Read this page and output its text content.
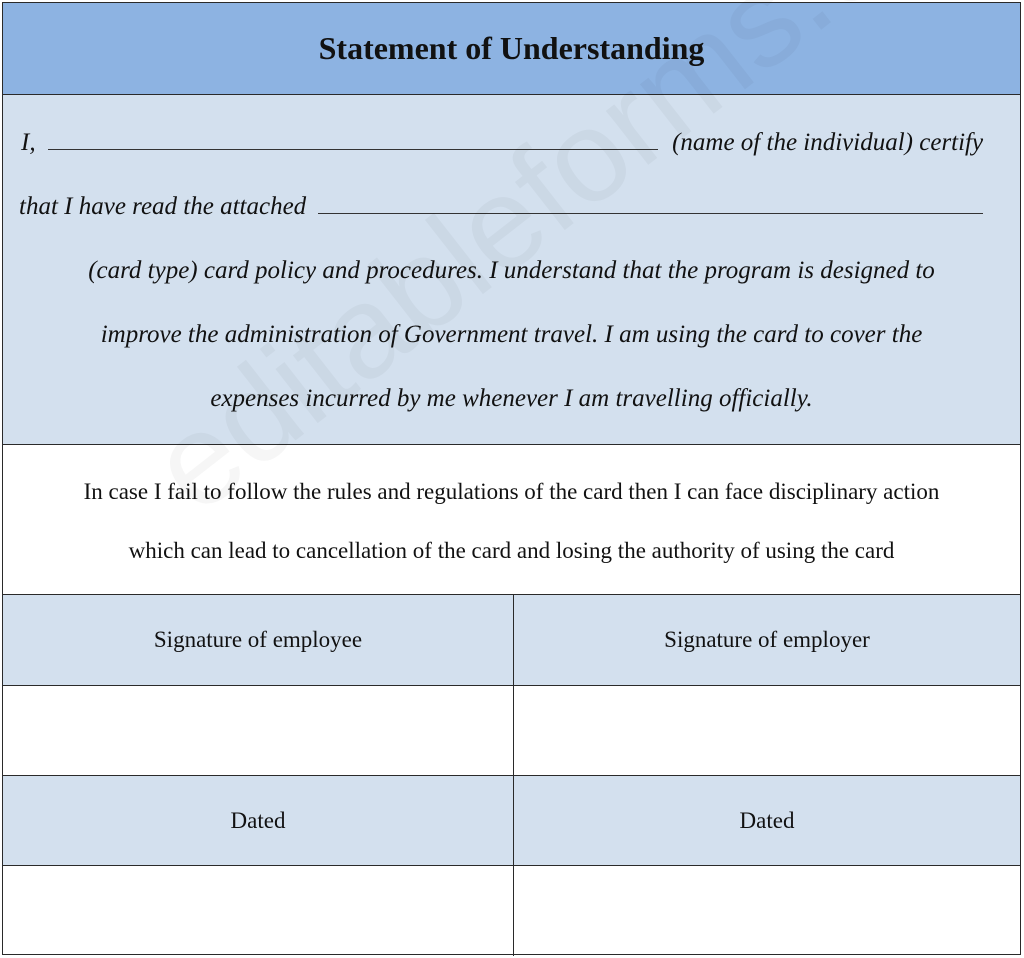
Statement of Understanding
I,	(name of the individual) certify
that I have read the attached
(card type) card policy and procedures. I understand that the program is designed to
improve the administration of Government travel. I am using the card to cover the
expenses incurred by me whenever I am travelling officially.
In case I fail to follow the rules and regulations of the card then I can face disciplinary action
which can lead to cancellation of the card and losing the authority of using the card
Signature of employee	Signature of employer
Dated	Dated
